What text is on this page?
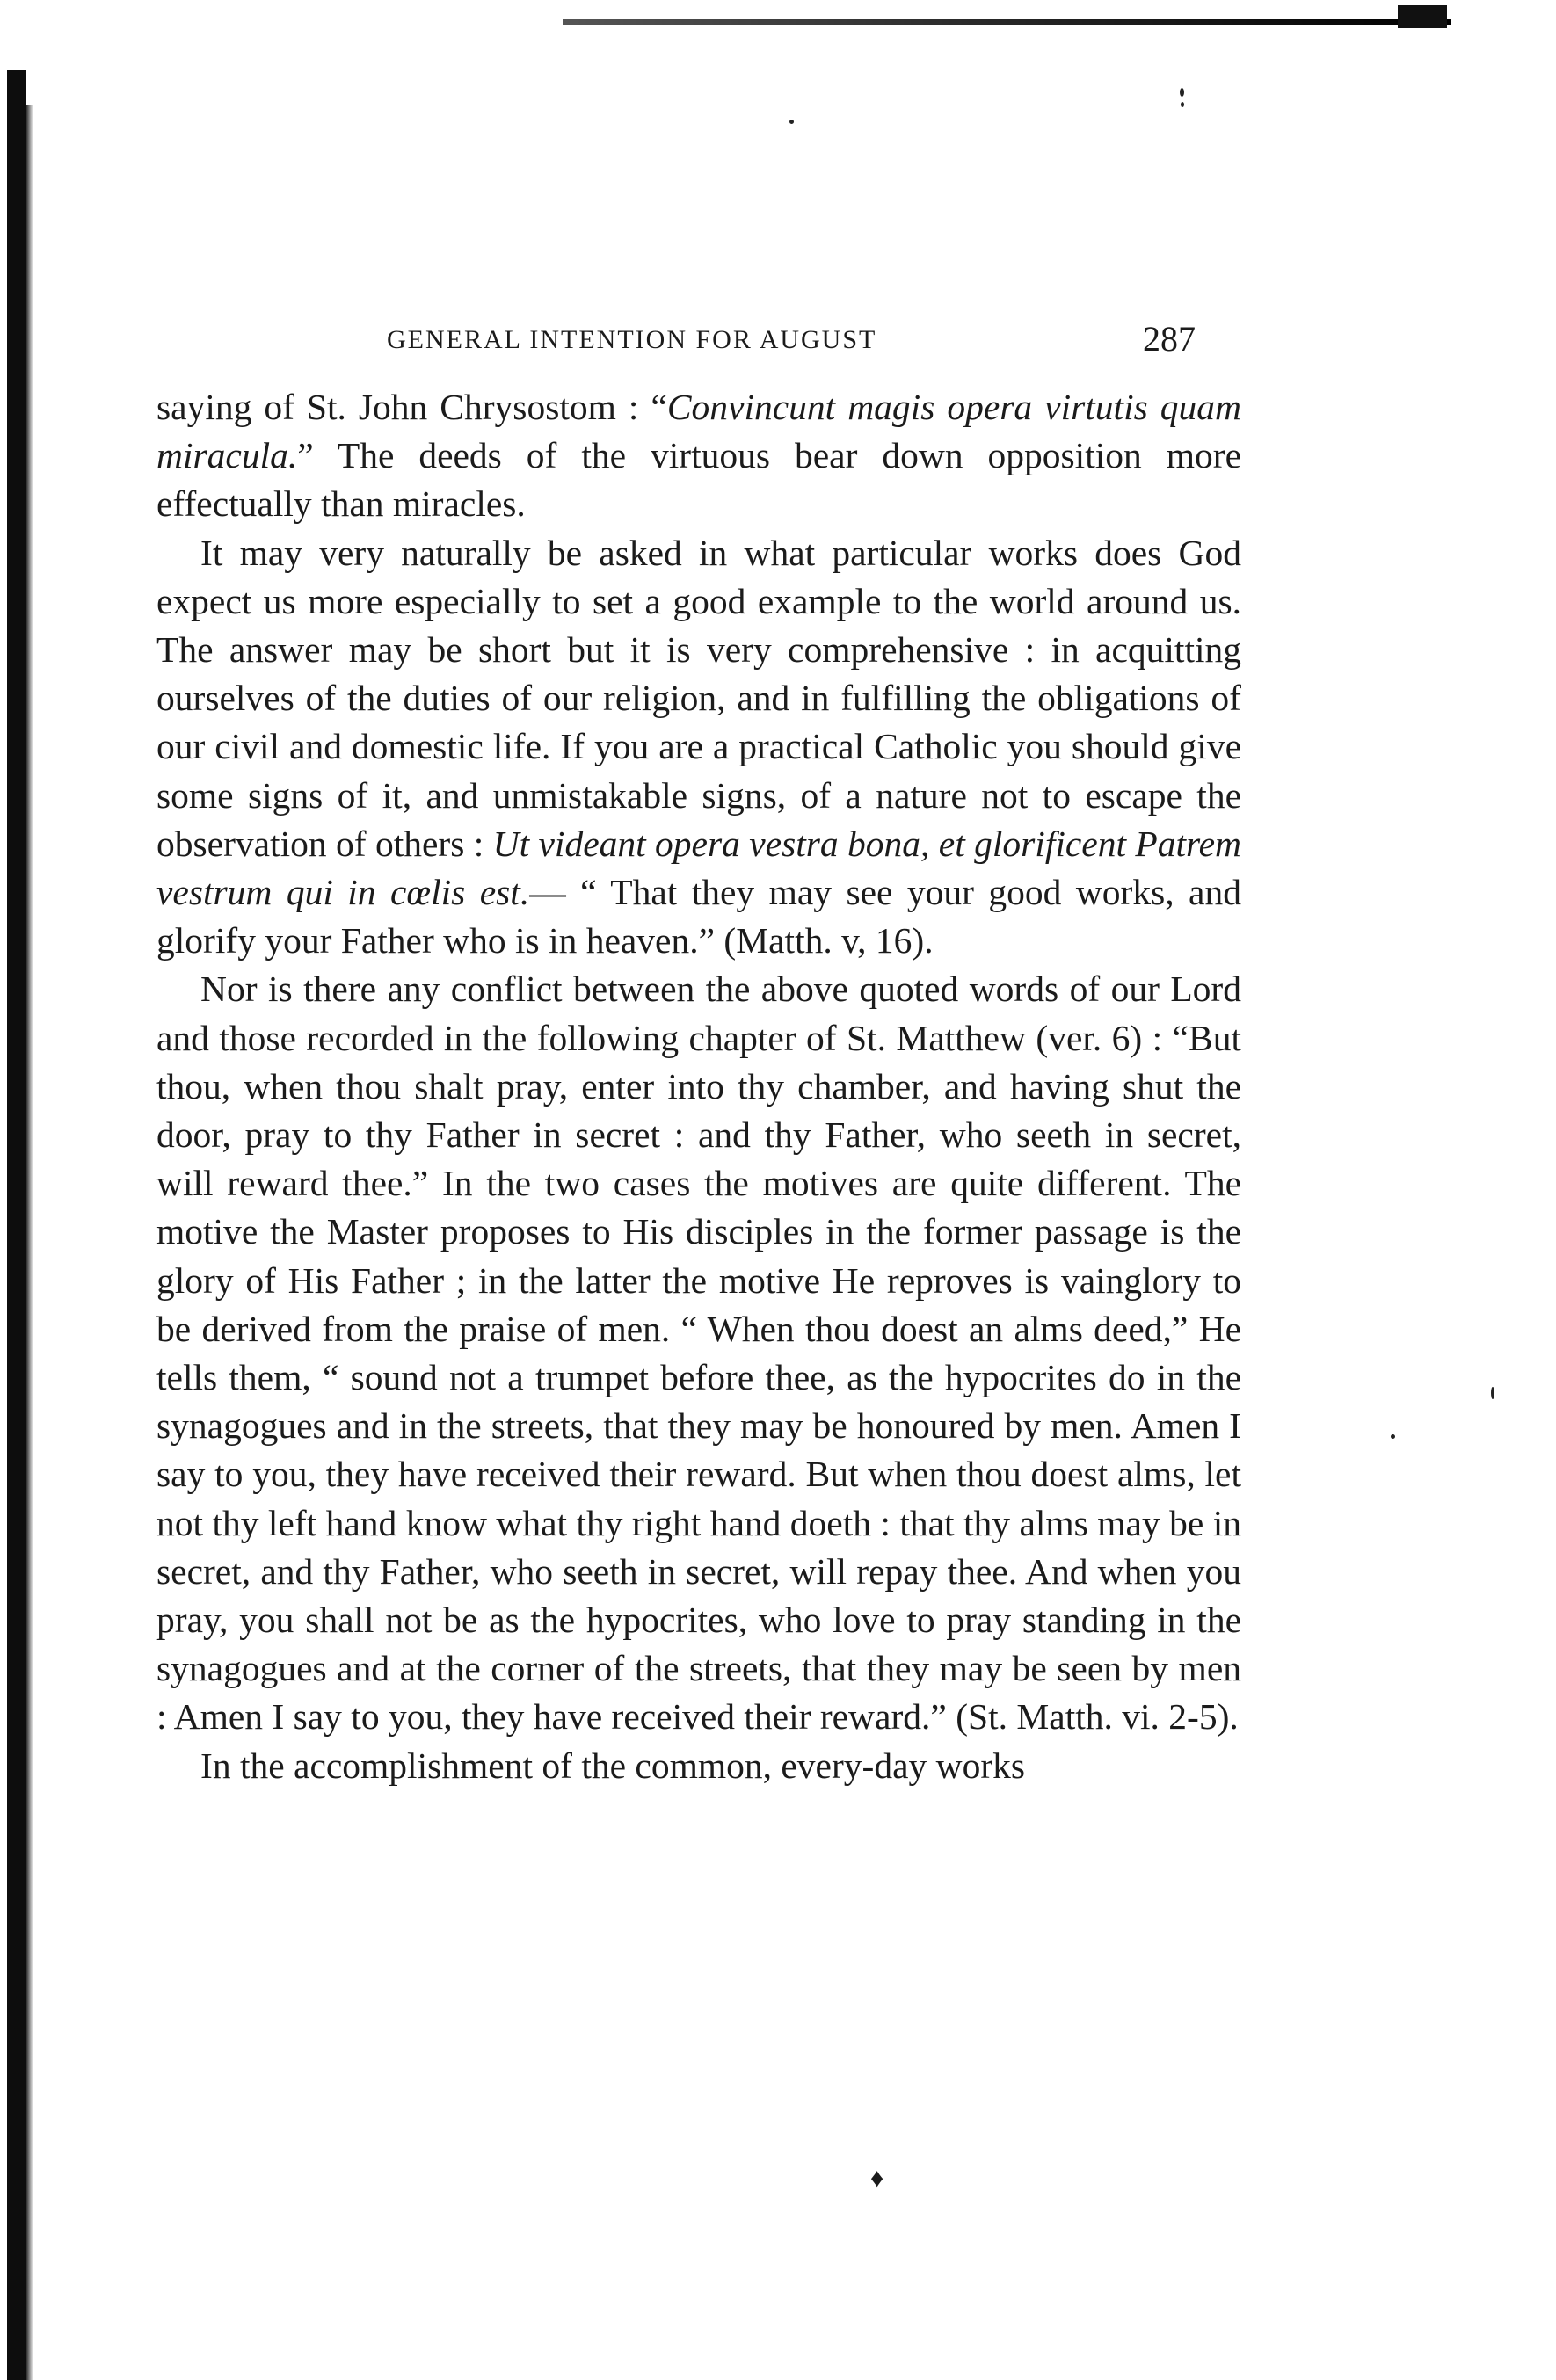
GENERAL INTENTION FOR AUGUST	287

saying of St. John Chrysostom : “Convincunt magis opera virtutis quam miracula.” The deeds of the virtuous bear down opposition more effectually than miracles.

It may very naturally be asked in what particular works does God expect us more especially to set a good example to the world around us. The answer may be short but it is very comprehensive : in acquitting ourselves of the duties of our religion, and in fulfilling the obligations of our civil and domestic life. If you are a practical Catholic you should give some signs of it, and unmistakable signs, of a nature not to escape the observation of others : Ut videant opera vestra bona, et glorificent Patrem vestrum qui in cœlis est.— “ That they may see your good works, and glorify your Father who is in heaven.” (Matth. v, 16).

Nor is there any conflict between the above quoted words of our Lord and those recorded in the following chapter of St. Matthew (ver. 6) : “But thou, when thou shalt pray, enter into thy chamber, and having shut the door, pray to thy Father in secret : and thy Father, who seeth in secret, will reward thee.” In the two cases the motives are quite different. The motive the Master proposes to His disciples in the former passage is the glory of His Father ; in the latter the motive He reproves is vainglory to be derived from the praise of men. “ When thou doest an alms deed,” He tells them, “ sound not a trumpet before thee, as the hypocrites do in the synagogues and in the streets, that they may be honoured by men. Amen I say to you, they have received their reward. But when thou doest alms, let not thy left hand know what thy right hand doeth : that thy alms may be in secret, and thy Father, who seeth in secret, will repay thee. And when you pray, you shall not be as the hypocrites, who love to pray standing in the synagogues and at the corner of the streets, that they may be seen by men : Amen I say to you, they have received their reward.” (St. Matth. vi. 2-5).

In the accomplishment of the common, every-day works

♦
